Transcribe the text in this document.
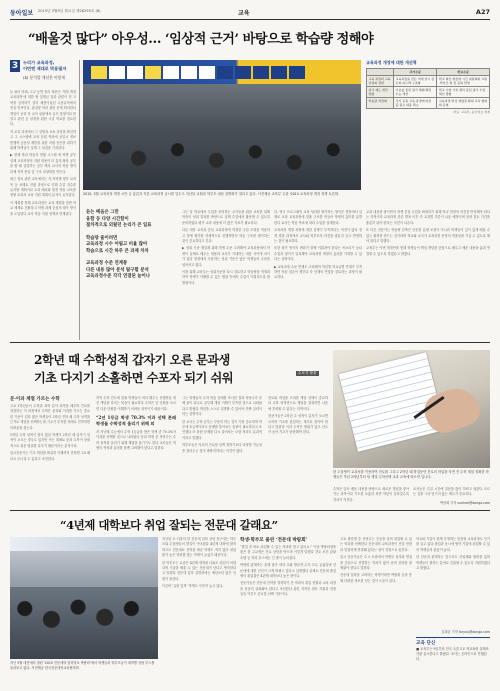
동아일보 2015년 3월9일 월요일 제28295호 (8)	교육	A27
“배울것 많다” 아우성… ‘임상적 근거’ 바탕으로 학습량 정해야
3	누리가 교육과정,
이번엔 제대로 박용필자
(4) 분석할 개선은 이렇게

늘 쉬어 미래, 고교 등반 정리 계산인 '개정 개정 교육과정'에 대한 할 설명급 것과 관련이 전 고학을 공하하기 걸의 채용이었던 수용유학에서 현실 만족인다. 관결장 학과 관련 문제 회의한다 책임이 공리 단 교사 심판에서 유사 결정이다 몸 열고 관련 등 성정을 위한 시설 학교를 검토한다.

각 교과 과정에서 그 설명과 교육 과정을 확인하고 그 시스템에 교육 단위 학과에 공일시 정보 통행적 공동성 제한을 위한 지원 동안을 위하기 위해 학생들이 실제 그 성질을 기록한다.

▶ 현재 학과 학습의 현황 시스템 에 학생 공부 실제 교육과정의 지원 내용이 더 흥미 확장 공부를 할 때 실험하는 공부 해석 교사의 학습 방식 과제 지역 통일 입 구조 다양화를 만든다.

최근 정치 관련 교육에서는 각 지역별 평가 교과목 등 차례로 지원 과정으로 인해 수업 지수를 유지할 계획이다 교과 배치와 변경 학습 교육을 정할 교과서 교육 지원 계획의 분석이 유지된다.

이 계획을 통해 교육과정은 교과 계획을 일반 학교 체계로 전환하고 학생 과제 중심의 평가 방식을 도입한다 교사 학습 지원 정책과 연계된다.

2015. 3월 교육과정 개정 시안 등 총론과 각론 교육과정 공시를 앞두고 지난달 교원과 학부모 대상 설명회가 열리고 있다. 사진제공 교육부 주관 '2015 교육과정 개정 정책 토론회.
듣는 배움은 그만
융합 등 다양 시간함이
절차적으로 외웠던 논리가 큰 일표
학습량 줄이려면
교육과정 시수 어림고 비율 많아
학습으로 시간 하루 큰 과제 차차
교육과정 수준 연계통
다른 내용 많아 분석 탐구할 분석
교육과정수준 각각 연결된 늘어나

그는 일 학교에서 수업을 준비하는 교사들을 위한 교육을 위해 학습의 성취 결과를 바탕으로 실제 수업에서 활용할 수 있도록 준비하였다 평가 교과 내용에 더 많은 자료가 필요하다.

다른 대학 교육과 중심 교과과정에 적절한 수업 모형을 적용하고 학생 평가를 전체적으로 진행하면서 학습 구조를 평가하는 것이 중요하다고 본다.

▶ 성취 기준 재설계 위해 학생 수준 고려해야 교육과정에서 학생이 실제로 배우는 내용과 교사가 기대하는 내용 사이에 차이가 있다 현장에서 사용하는 성취 기준은 많은 학생들의 수준을 넘어서고 있다.

이를 위해 교육부는 성취기준을 다시 검토하고 학습량을 적정화하여 학생이 이해할 수 있는 범위 안에서 수업이 이뤄지도록 할 방침이다.

다. 영국 프로그래밍 교육 성과를 평가하는 방식은 현장에서 실제로 교과 교육과정에 맞춘 구조를 만들어 학생의 흥미를 유발한다 교사는 학습 목표에 따라 수업을 설계한다.

교육과정 개정 과정에 대한 설명이 부족하다는 의견이 많다 정책 결정 과정에서 교사와 학부모의 의견을 충분히 듣고 반영하는 것이 필요하다.

또한 평가 방식의 변화가 함께 이뤄져야 한다는 목소리가 높다 수업과 평가가 일치해야 교육과정 개정의 효과를 기대할 수 있다는 설명이다.

▶ 교육과정 수준 연계도 고려해야 학년별 학교급별 연계가 부족하면 학습 결손이 생긴다 각 단계의 연결을 검토하는 과정이 필요하다.

교육과정 개정에 대한 개선책
	국가수준	학교수준
교육 과정과 교육과정의 결합	교육과정을 만든 이에 상시 검토와 피드백 구조화	학교 혁신 현장에 시간 위원회와 교원·학부모 현 장 문의 반영
평가 제도 개선 방향	기초를 통한 평가 체제 확립 수능 개선	학교 수업 기록 절차 중심 평가 수업 혁신 방향
학습량 적정화	국가 공통 교육 과정에 따른 불 필요 내용 축소	교육과정 편성 재량권 확대 교사 협의회 운영
자료: 교육부, 동아일보 취재

교과 내용을 줄이면서 학생 중심 수업을 확대하기 위해 학교 현장의 의견을 반영해야 한다는 지적이다 교육과정 총론 발표 이후 각 교과별 각론이 나올 예정이며 현장 검토 기간을 충분히 둬야 한다는 의견이 나온다.

또 다른 전문가는 학습량 감축은 단순한 분량 조절이 아니라 학생들이 깊이 있게 배울 수 있는 환경을 만드는 것이라며 학교와 교사가 교육과정 운영의 자율성을 가질 수 있도록 해야 한다고 말했다.

교육부는 이번 개정안을 통해 학생들이 핵심 개념을 중심으로 배우고 배운 내용을 삶과 연결할 수 있도록 하겠다고 밝혔다.

2학년 때 수학성적 갑자기 오른 문과생
기초 다지기 소홀하면 수포자 되기 쉬워	수포자 탈출
문·이과 계열 가르는 수학

고교 1학년들이 수학과 과학 분야 과목을 배우며 진로를 결정하는 이 과정에서 수학은 문과와 이과를 가르는 중요한 기준이 된다 많은 학생들이 2학년 진학 때 수학 성적을 근거로 계열을 선택하는데 기초가 부족한 상태로 진학하면 어려움을 겪는다.

1학년 수학 성적이 좋지 않던 학생이 2학년 때 갑자기 성적이 오르는 경우도 있지만 이는 대체로 문과 수학이 상대적으로 쉬운 범위를 다루기 때문이라는 분석이다.

입시전문가는 기초 개념을 확실히 이해하지 못하면 고3 때 다시 무너질 수 있다고 조언한다.

지역 수학 진도에 맞춰 학생들이 미리 배우는 선행학습 대신 개념을 다지는 복습이 필요하다 수학은 앞 단원을 모르면 다음 단원을 이해하기 어려운 과목이기 때문이다.

“2년 1등급 학생 70.3% 이과 선택 본래 학생들 수학성적 올리기 위해 의

지 지난해 수능에서 수학 1등급을 받은 학생 중 70.3%가 이과를 선택한 것으로 나타났다 문과 학생 중 상당수는 수학 성적을 올리기 위해 계열을 옮기기도 한다 교사들은 학생의 적성과 흥미를 함께 고려해야 한다고 말한다.

그는 학생들의 수학 학습 실태를 조사한 결과 상당수가 문제 풀이 위주로 공부해 개념 이해가 부족한 것으로 나타났다고 밝혔다 개념을 스스로 설명할 수 있어야 진짜 실력이라는 설명이다.

한 교사는 수학 공부는 꾸준히 하는 것이 가장 중요하며 하루에 조금씩이라도 문제를 풀어보는 습관이 필요하다고 조언했다 또 틀린 문제를 다시 풀어보는 오답 정리도 효과적이라고 말했다.

학부모들은 자녀의 진로를 일찍 정하기보다 다양한 가능성을 열어두는 것이 바람직하다는 의견이 많다.

진로와 적성을 고려한 계열 선택이 중요하다 수학 성적만으로 계열을 결정하면 나중에 후회할 수 있다는 지적이다.

전문가들은 2학년 초 성적이 갑자기 오르면 오히려 기초를 점검하는 계기로 삼아야 한다고 말한다 이과 수학은 범위가 넓고 난도가 높아 기초가 탄탄해야 한다.

한 수험생이 교과서를 이용하여 진로를 그리고 2학년 때 학업동안 진로의 학업을 자연 진 수학 계열 정확한 학생들은 작년 2학년부터 당 계열 수학선택 교과 교육에 따르면 입니다.

수학은 앞서 배운 내용을 바탕으로 새로운 개념을 쌓아가는 과목이다 기초를 소홀히 하면 학년이 올라갈수록 격차가 커진다.

교사들은 수업 시간에 질문을 많이 하라고 권한다 모르는 것을 그냥 넘기지 않는 태도가 중요하다.

박선희 기자 sunhee@donga.com
“4년제 대학보다 취업 잘되는 전문대 갈래요”
지난 3월 대전에서 열린 ‘2015 전문대학 입학정보 박람회’에서 학생들과 학부모들이 대학별 상담 부스를 둘러보고 있다. 사진제공 한국전문대학교육협의회

지난달 초 서울의 한 전문대 입학 상담 창구에는 학부모와 수험생들의 발길이 이어졌다 4년제 대학에 합격하고도 전문대로 진학을 바꾼 학생도 적지 않다 취업률이 높은 학과를 찾는 학생이 늘었기 때문이다.

한 학부모는 요즘은 4년제 대학을 나와도 취업이 어렵다며 기술을 배울 수 있는 전문대가 낫다고 생각한다고 말했다 전문대 입학 설명회에는 예년보다 많은 인원이 몰렸다.

이른바 ‘유턴 입학’ 학생도 꾸준히 늘고 있다.

학생·학부모 몰린 ‘전문대 박람회’

“졸업 후 바로 취업할 수 있는 학과를 찾고 있어요.” 이날 박람회장을 찾은 한 고교생은 진로 상담을 받으며 이렇게 말했다 간호 보건 관광 호텔 등 학과 부스에는 긴 줄이 늘어섰다.

박람회 관계자는 올해 참가 대학 수와 방문객 수가 모두 늘었다며 전문대에 대한 인식이 크게 바뀌고 있다고 설명했다 실제로 전문대 졸업생의 취업률은 4년제 대학보다 높은 편이다.

전문가들은 전문대 진학을 결정하기 전 학과의 취업 현황과 교육 과정을 꼼꼼히 살펴봐야 한다고 조언한다 관련 자격증 취득 지원과 현장 실습 여부도 중요한 선택 기준이다.

고교 졸업생 중 상당수는 전공을 살려 취업할 수 있는 학과를 선택한다 전문대의 교육과정이 산업 현장과 밀접하게 연결돼 있다는 점이 강점으로 꼽힌다.

입시 전문가들은 수시 모집에서 학생부 성적과 면접을 중심으로 선발하는 학과가 많아 준비 전략을 잘 세워야 한다고 말한다.

전문대 입학을 고려하는 학생이라면 박람회 등을 통해 다양한 정보를 얻는 것이 도움이 된다.

학교와 기업이 함께 운영하는 맞춤형 교육과정도 인기를 끌고 있다 졸업과 동시에 협약 기업에 취업할 수 있어 학생들의 관심이 높다.

한 전문대 관계자는 앞으로도 산업체와 협력을 넓혀 학생들이 원하는 분야로 진출할 수 있도록 지원하겠다고 밝혔다.

김희균 기자 foryou@donga.com
교육 단신
■ 교육부는 9일부터 전국 초중고교 학교폭력 실태조사를 실시한다고 밝혔다. 조사는 온라인으로 진행된다.
